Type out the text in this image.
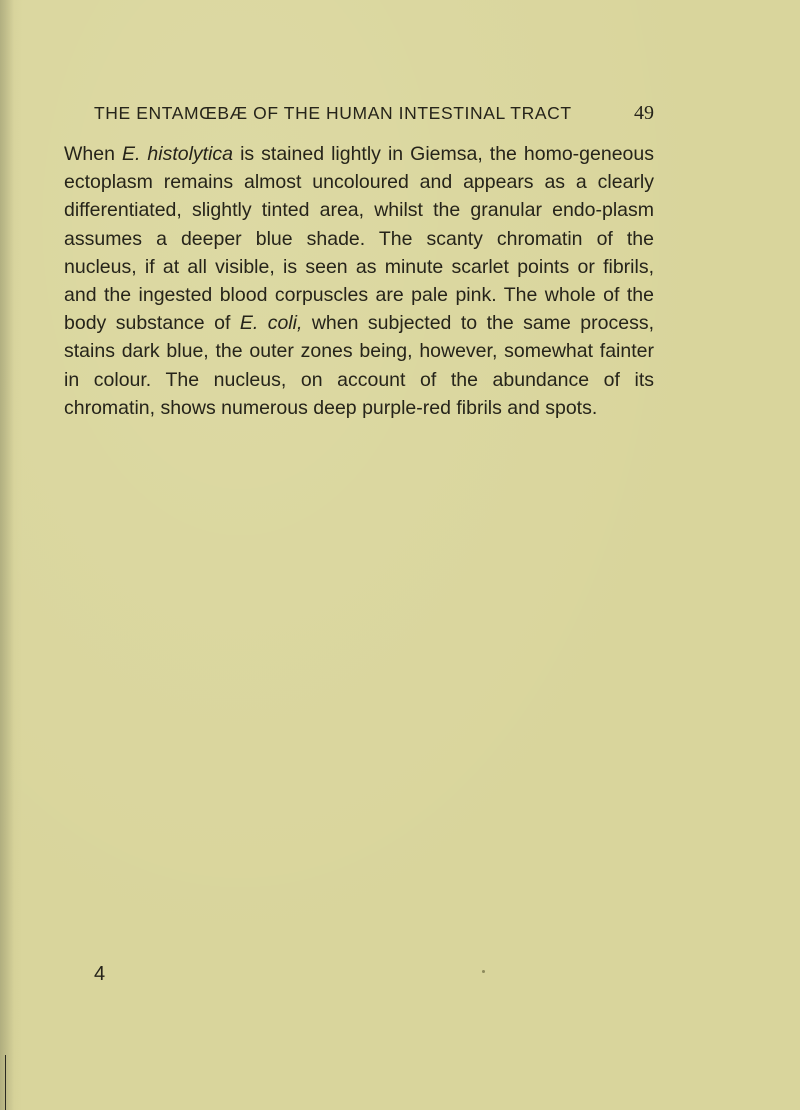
THE ENTAMŒBÆ OF THE HUMAN INTESTINAL TRACT	49

When E. histolytica is stained lightly in Giemsa, the homo-geneous ectoplasm remains almost uncoloured and appears as a clearly differentiated, slightly tinted area, whilst the granular endo-plasm assumes a deeper blue shade. The scanty chromatin of the nucleus, if at all visible, is seen as minute scarlet points or fibrils, and the ingested blood corpuscles are pale pink. The whole of the body substance of E. coli, when subjected to the same process, stains dark blue, the outer zones being, however, somewhat fainter in colour. The nucleus, on account of the abundance of its chromatin, shows numerous deep purple-red fibrils and spots.

4
